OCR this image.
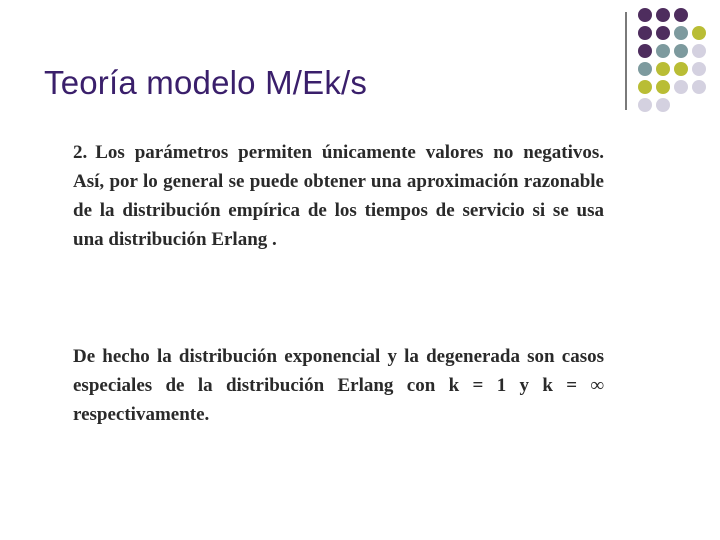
Teoría modelo M/Ek/s
2. Los parámetros permiten únicamente valores no negativos. Así, por lo general se puede obtener una aproximación razonable de la distribución empírica de los tiempos de servicio si se usa una distribución Erlang .
De hecho la distribución exponencial y la degenerada son casos especiales de la distribución Erlang con k = 1 y k = ∞ respectivamente.
